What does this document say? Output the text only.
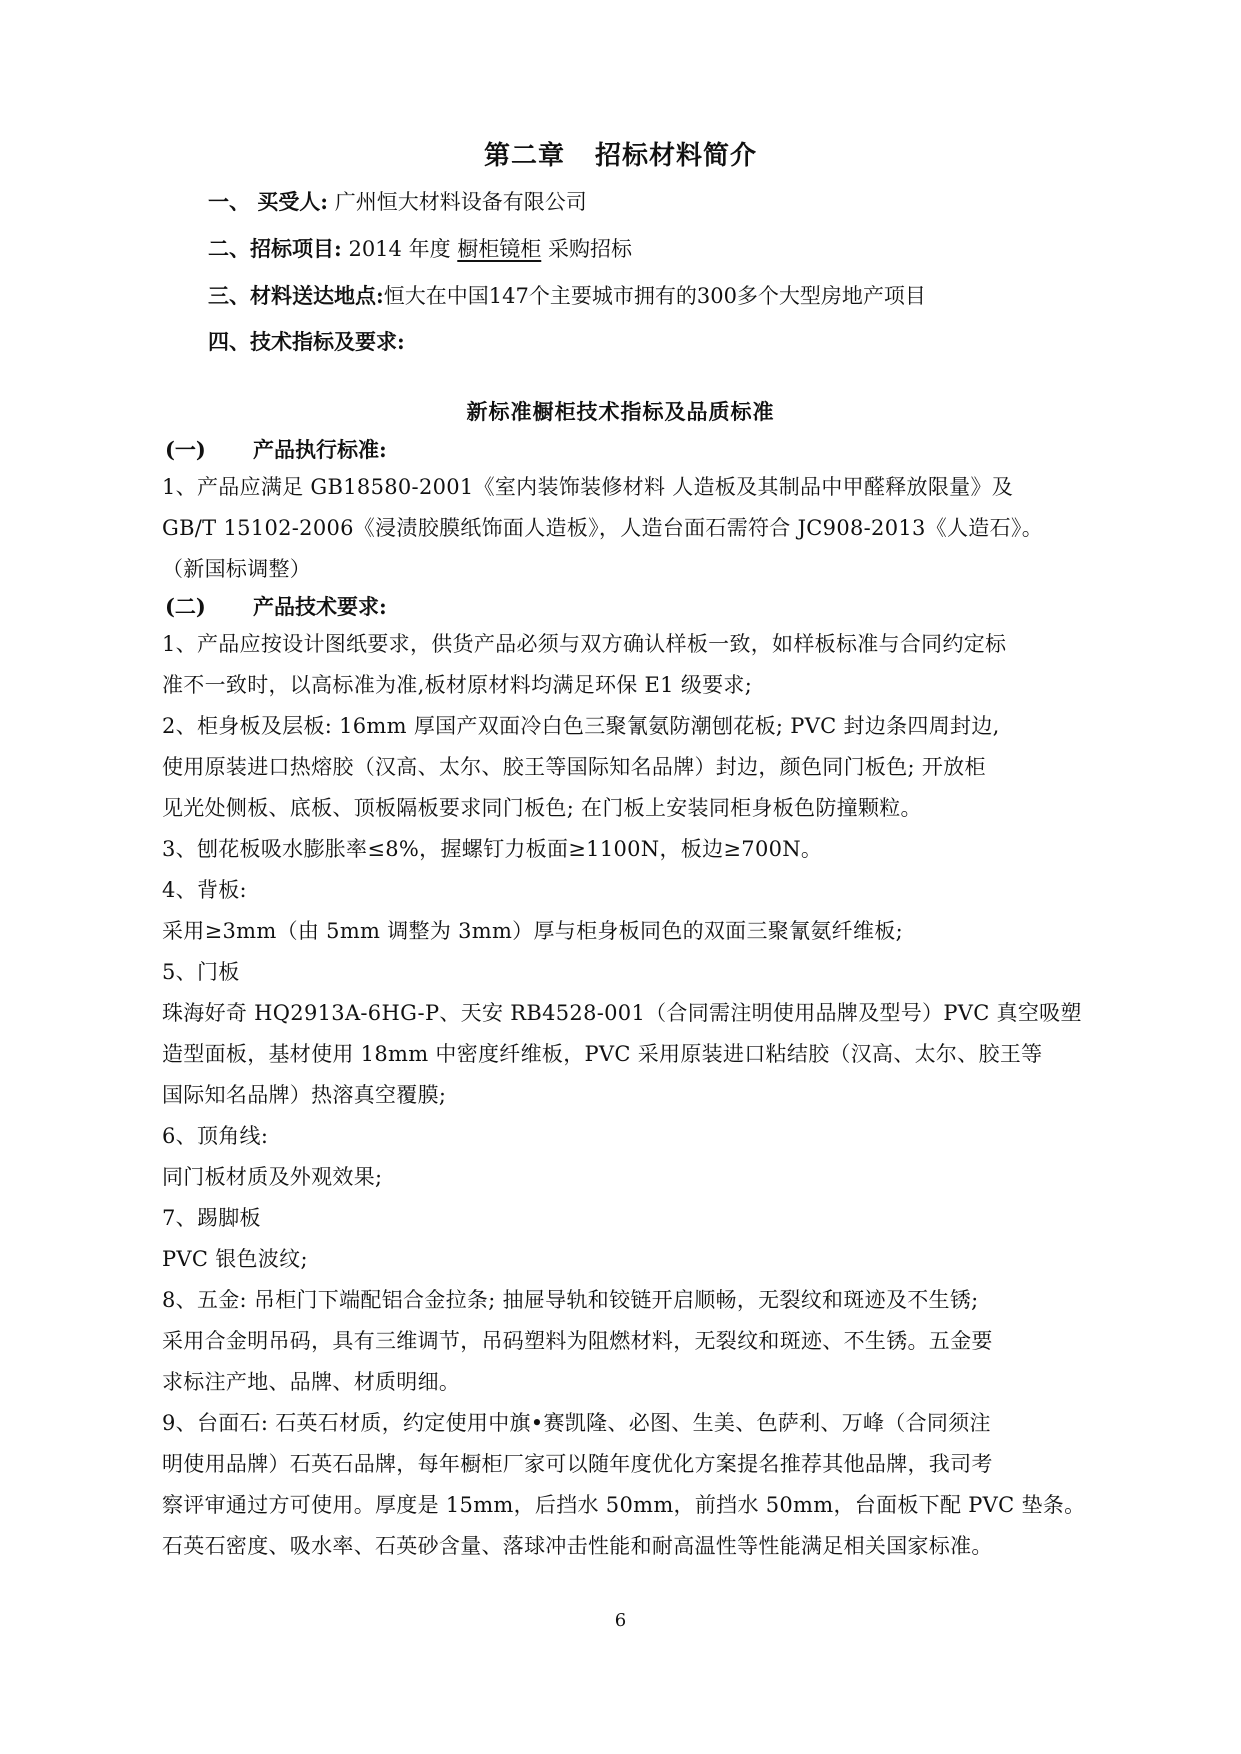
第二章 招标材料简介
一、 买受人: 广州恒大材料设备有限公司
二、招标项目: 2014 年度 橱柜镜柜 采购招标
三、材料送达地点:恒大在中国147个主要城市拥有的300多个大型房地产项目
四、技术指标及要求:
新标准橱柜技术指标及品质标准
(一) 产品执行标准:
1、产品应满足 GB18580-2001《室内装饰装修材料 人造板及其制品中甲醛释放限量》及
GB/T 15102-2006《浸渍胶膜纸饰面人造板》，人造台面石需符合 JC908-2013《人造石》。
（新国标调整）
(二) 产品技术要求:
1、产品应按设计图纸要求，供货产品必须与双方确认样板一致，如样板标准与合同约定标
准不一致时，以高标准为准,板材原材料均满足环保 E1 级要求;
2、柜身板及层板: 16mm 厚国产双面冷白色三聚氰氨防潮刨花板; PVC 封边条四周封边,
使用原装进口热熔胶（汉高、太尔、胶王等国际知名品牌）封边，颜色同门板色; 开放柜
见光处侧板、底板、顶板隔板要求同门板色; 在门板上安装同柜身板色防撞颗粒。
3、刨花板吸水膨胀率≤8%，握螺钉力板面≥1100N，板边≥700N。
4、背板:
采用≥3mm（由 5mm 调整为 3mm）厚与柜身板同色的双面三聚氰氨纤维板;
5、门板
珠海好奇 HQ2913A-6HG-P、天安 RB4528-001（合同需注明使用品牌及型号）PVC 真空吸塑
造型面板，基材使用 18mm 中密度纤维板，PVC 采用原装进口粘结胶（汉高、太尔、胶王等
国际知名品牌）热溶真空覆膜;
6、顶角线:
同门板材质及外观效果;
7、踢脚板
PVC 银色波纹;
8、五金: 吊柜门下端配铝合金拉条; 抽屉导轨和铰链开启顺畅，无裂纹和斑迹及不生锈;
采用合金明吊码，具有三维调节，吊码塑料为阻燃材料，无裂纹和斑迹、不生锈。五金要
求标注产地、品牌、材质明细。
9、台面石: 石英石材质，约定使用中旗•赛凯隆、必图、生美、色萨利、万峰（合同须注
明使用品牌）石英石品牌，每年橱柜厂家可以随年度优化方案提名推荐其他品牌，我司考
察评审通过方可使用。厚度是 15mm，后挡水 50mm，前挡水 50mm，台面板下配 PVC 垫条。
石英石密度、吸水率、石英砂含量、落球冲击性能和耐高温性等性能满足相关国家标准。
6
